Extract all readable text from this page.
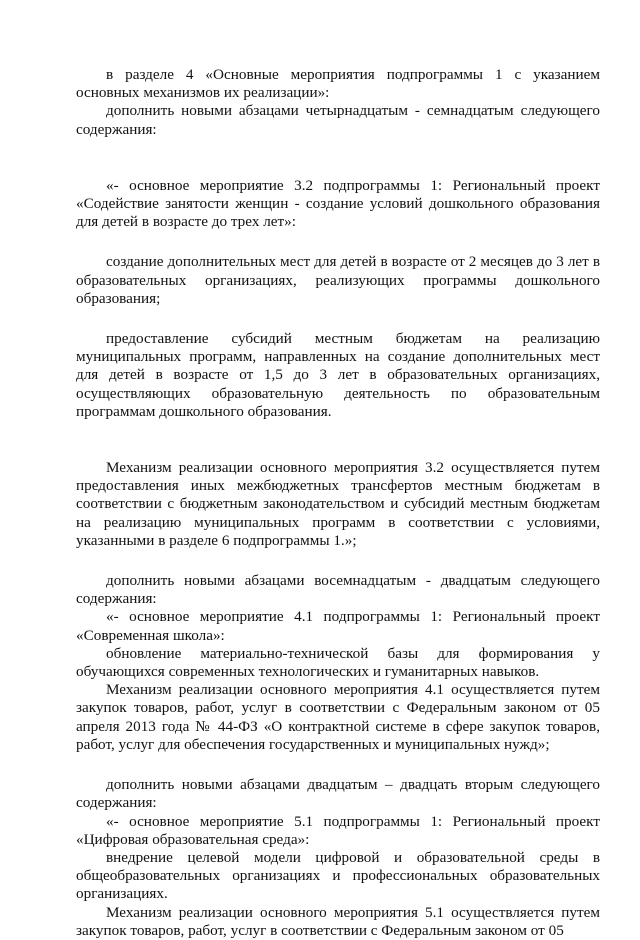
в разделе 4 «Основные мероприятия подпрограммы 1 с указанием основных механизмов их реализации»:

дополнить новыми абзацами четырнадцатым - семнадцатым следующего содержания:

«- основное мероприятие 3.2 подпрограммы 1: Региональный проект «Содействие занятости женщин - создание условий дошкольного образования для детей в возрасте до трех лет»:

создание дополнительных мест для детей в возрасте от 2 месяцев до 3 лет в образовательных организациях, реализующих программы дошкольного образования;

предоставление субсидий местным бюджетам на реализацию муниципальных программ, направленных на создание дополнительных мест для детей в возрасте от 1,5 до 3 лет в образовательных организациях, осуществляющих образовательную деятельность по образовательным программам дошкольного образования.

Механизм реализации основного мероприятия 3.2 осуществляется путем предоставления иных межбюджетных трансфертов местным бюджетам в соответствии с бюджетным законодательством и субсидий местным бюджетам на реализацию муниципальных программ в соответствии с условиями, указанными в разделе 6 подпрограммы 1.»;

дополнить новыми абзацами восемнадцатым - двадцатым следующего содержания:

«- основное мероприятие 4.1 подпрограммы 1: Региональный проект «Современная школа»:

обновление материально-технической базы для формирования у обучающихся современных технологических и гуманитарных навыков.

Механизм реализации основного мероприятия 4.1 осуществляется путем закупок товаров, работ, услуг в соответствии с Федеральным законом от 05 апреля 2013 года № 44-ФЗ «О контрактной системе в сфере закупок товаров, работ, услуг для обеспечения государственных и муниципальных нужд»;

дополнить новыми абзацами двадцатым – двадцать вторым следующего содержания:

«- основное мероприятие 5.1 подпрограммы 1: Региональный проект «Цифровая образовательная среда»:

внедрение целевой модели цифровой и образовательной среды в общеобразовательных организациях и профессиональных образовательных организациях.

Механизм реализации основного мероприятия 5.1 осуществляется путем закупок товаров, работ, услуг в соответствии с Федеральным законом от 05
